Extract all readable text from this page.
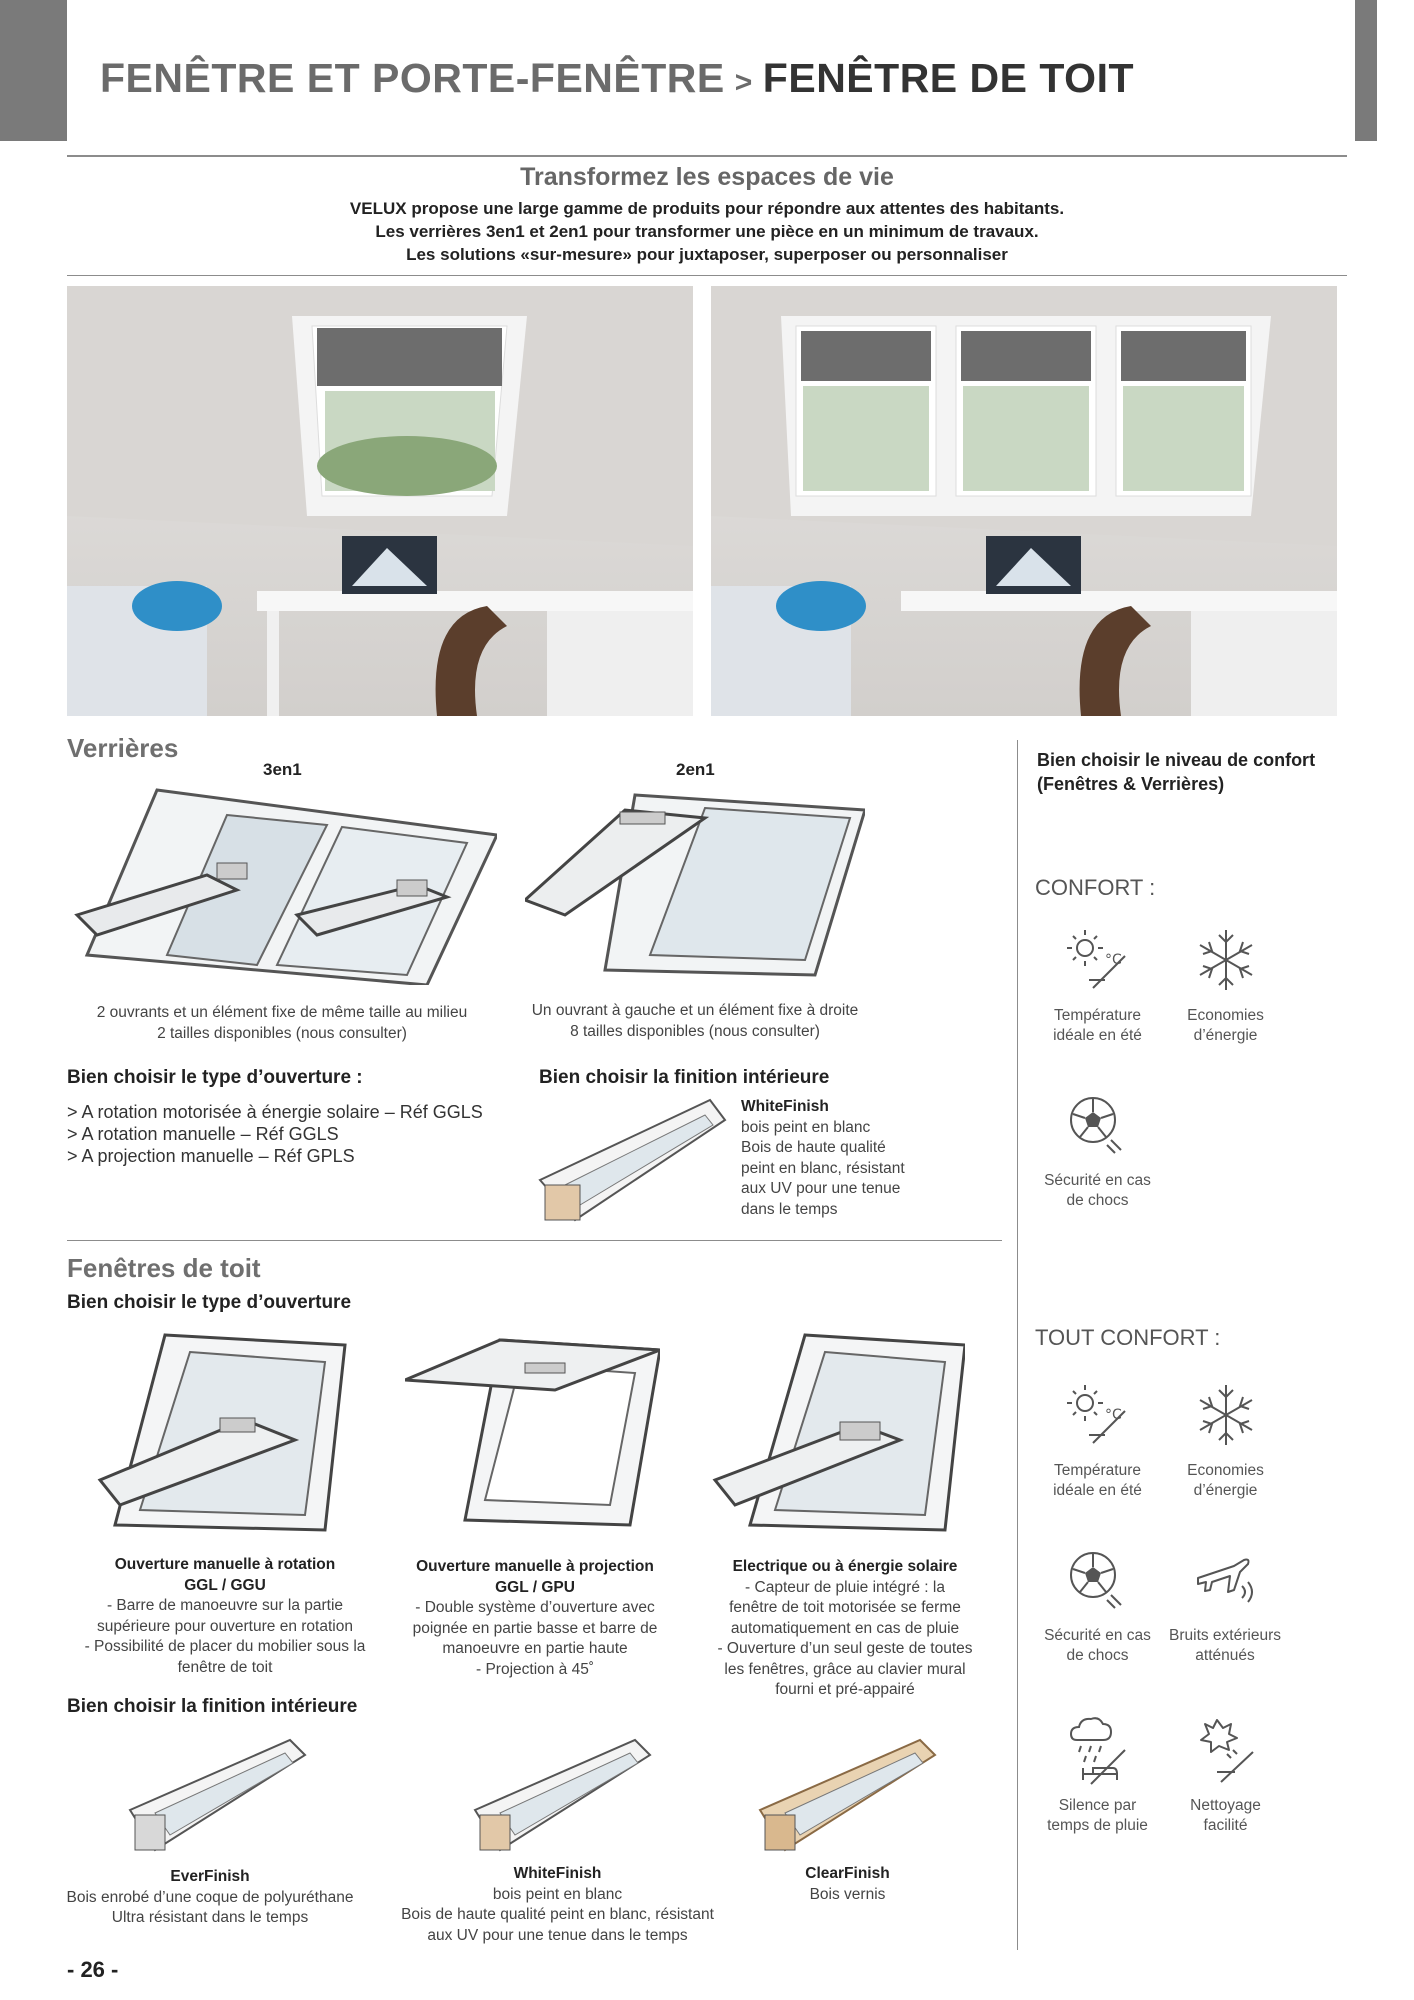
FENÊTRE ET PORTE-FENÊTRE > FENÊTRE DE TOIT
Transformez les espaces de vie
VELUX propose une large gamme de produits pour répondre aux attentes des habitants.
Les verrières 3en1 et 2en1 pour transformer une pièce en un minimum de travaux.
Les solutions «sur-mesure» pour juxtaposer, superposer ou personnaliser
Verrières
3en1	2en1
2 ouvrants et un élément fixe de même taille au milieu
2 tailles disponibles (nous consulter)
Un ouvrant à gauche et un élément fixe à droite
8 tailles disponibles (nous consulter)
Bien choisir le type d’ouverture :
> A rotation motorisée à énergie solaire – Réf GGLS
> A rotation manuelle – Réf GGLS
> A projection manuelle – Réf GPLS
Bien choisir la finition intérieure
WhiteFinish
bois peint en blanc
Bois de haute qualité
peint en blanc, résistant
aux UV pour une tenue
dans le temps
Fenêtres de toit
Bien choisir le type d’ouverture
Ouverture manuelle à rotation
GGL / GGU
- Barre de manoeuvre sur la partie
supérieure pour ouverture en rotation
- Possibilité de placer du mobilier sous la
fenêtre de toit
Ouverture manuelle à projection
GGL / GPU
- Double système d’ouverture avec
poignée en partie basse et barre de
manoeuvre en partie haute
- Projection à 45˚
Electrique ou à énergie solaire
- Capteur de pluie intégré : la
fenêtre de toit motorisée se ferme
automatiquement en cas de pluie
- Ouverture d’un seul geste de toutes
les fenêtres, grâce au clavier mural
fourni et pré-appairé
Bien choisir la finition intérieure
EverFinish
Bois enrobé d’une coque de polyuréthane
Ultra résistant dans le temps
WhiteFinish
bois peint en blanc
Bois de haute qualité peint en blanc, résistant
aux UV pour une tenue dans le temps
ClearFinish
Bois vernis
Bien choisir le niveau de confort
(Fenêtres & Verrières)
CONFORT :
°C
Température
idéale en été
Economies
d’énergie
Sécurité en cas
de chocs
TOUT CONFORT :
°C
Température
idéale en été
Economies
d’énergie
Sécurité en cas
de chocs
Bruits extérieurs
atténués
Silence par
temps de pluie
Nettoyage
facilité
- 26 -
